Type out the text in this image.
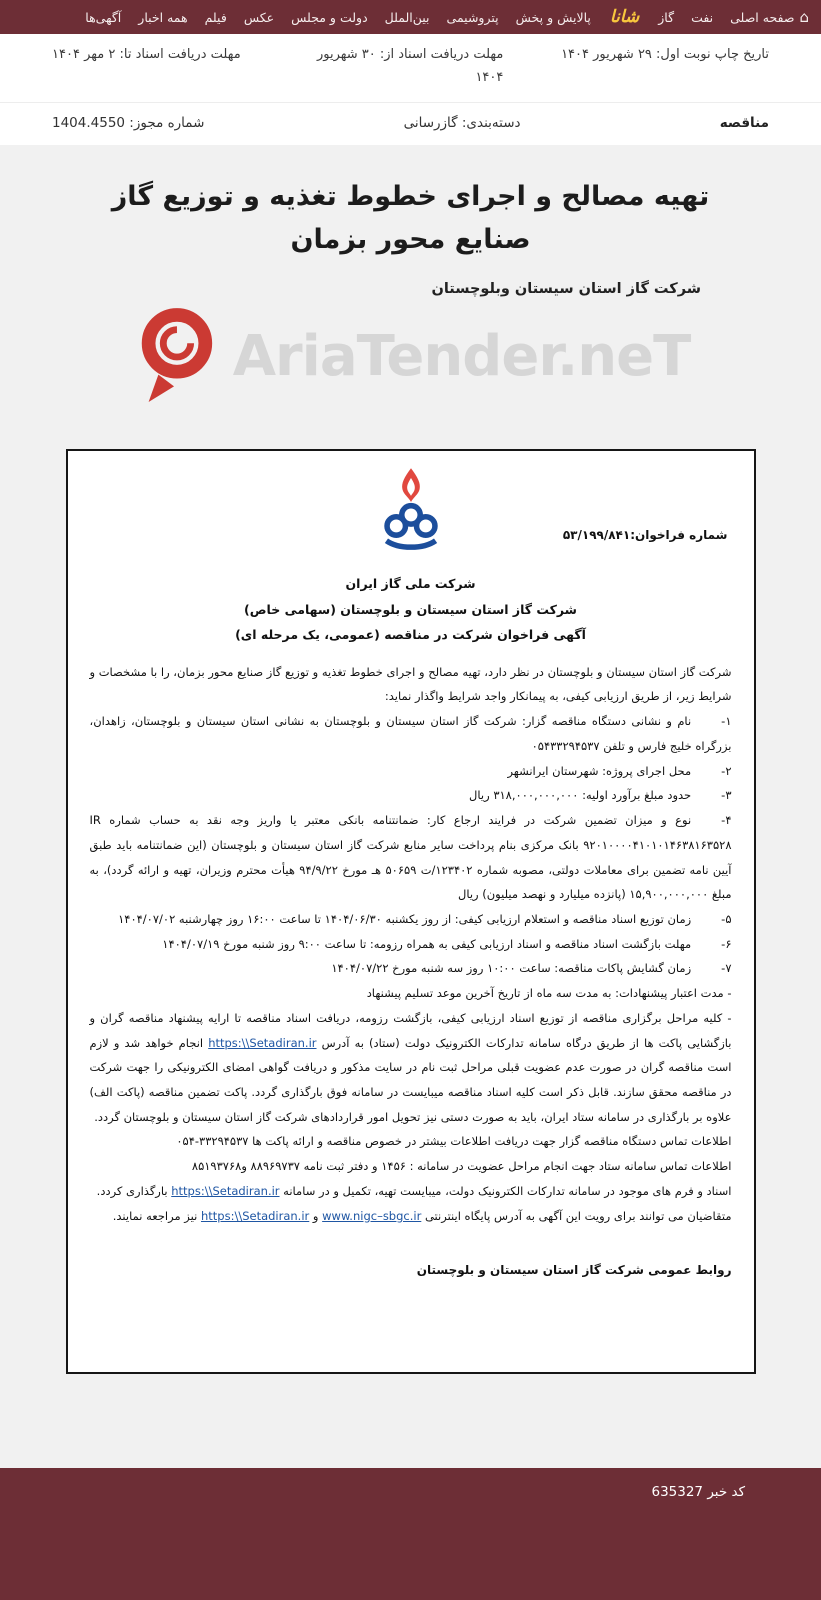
⌂
صفحه اصلی
نفت
گاز
شانا
پالایش و پخش
پتروشیمی
بین‌الملل
دولت و مجلس
عکس
فیلم
همه اخبار
آگهی‌ها
تاریخ چاپ نوبت اول: ۲۹ شهریور ۱۴۰۴
مهلت دریافت اسناد از: ۳۰ شهریور ۱۴۰۴
مهلت دریافت اسناد تا: ۲ مهر ۱۴۰۴
مناقصه
دسته‌بندی: گازرسانی
شماره مجوز: 1404.4550
تهیه مصالح و اجرای خطوط تغذیه و توزیع گاز صنایع محور بزمان
شرکت گاز استان سیستان وبلوچستان
AriaTender.neT
شماره فراخوان:۵۳/۱۹۹/۸۴۱
شرکت ملی گاز ایران
شرکت گاز استان سیستان و بلوچستان (سهامی خاص)
آگهی فراخوان شرکت در مناقصه (عمومی، یک مرحله ای)

شرکت گاز استان سیستان و بلوچستان در نظر دارد، تهیه مصالح و اجرای خطوط تغذیه و توزیع گاز صنایع محور بزمان، را با مشخصات و شرایط زیر، از طریق ارزیابی کیفی، به پیمانکار واجد شرایط واگذار نماید:

۱-نام و نشانی دستگاه مناقصه گزار: شرکت گاز استان سیستان و بلوچستان به نشانی استان سیستان و بلوچستان، زاهدان، بزرگراه خلیج فارس و تلفن ۰۵۴۳۳۲۹۴۵۳۷

۲-محل اجرای پروژه: شهرستان ایرانشهر

۳-حدود مبلغ برآورد اولیه: ۳۱۸,۰۰۰,۰۰۰,۰۰۰ ریال

۴-نوع و میزان تضمین شرکت در فرایند ارجاع کار: ضمانتنامه بانکی معتبر یا واریز وجه نقد به حساب شماره IR ۹۲۰۱۰۰۰۰۴۱۰۱۰۱۴۶۳۸۱۶۳۵۲۸ بانک مرکزی بنام پرداخت سایر منابع شرکت گاز استان سیستان و بلوچستان (این ضمانتنامه باید طبق آیین نامه تضمین برای معاملات دولتی، مصوبه شماره ۱۲۳۴۰۲/ت ۵۰۶۵۹ هـ مورخ ۹۴/۹/۲۲ هیأت محترم وزیران، تهیه و ارائه گردد)، به مبلغ ۱۵,۹۰۰,۰۰۰,۰۰۰ (پانزده میلیارد و نهصد میلیون) ریال

۵-زمان توزیع اسناد مناقصه و استعلام ارزیابی کیفی: از روز یکشنبه ۱۴۰۴/۰۶/۳۰ تا ساعت ۱۶:۰۰ روز چهارشنبه ۱۴۰۴/۰۷/۰۲

۶-مهلت بازگشت اسناد مناقصه و اسناد ارزیابی کیفی به همراه رزومه: تا ساعت ۹:۰۰ روز شنبه مورخ ۱۴۰۴/۰۷/۱۹

۷-زمان گشایش پاکات مناقصه: ساعت ۱۰:۰۰ روز سه شنبه مورخ ۱۴۰۴/۰۷/۲۲

- مدت اعتبار پیشنهادات: به مدت سه ماه از تاریخ آخرین موعد تسلیم پیشنهاد

- کلیه مراحل برگزاری مناقصه از توزیع اسناد ارزیابی کیفی، بازگشت رزومه، دریافت اسناد مناقصه تا ارایه پیشنهاد مناقصه گران و بازگشایی پاکت ها از طریق درگاه سامانه تدارکات الکترونیک دولت (ستاد) به آدرس https:\\Setadiran.ir انجام خواهد شد و لازم است مناقصه گران در صورت عدم عضویت قبلی مراحل ثبت نام در سایت مذکور و دریافت گواهی امضای الکترونیکی را جهت شرکت در مناقصه محقق سازند. قابل ذکر است کلیه اسناد مناقصه میبایست در سامانه فوق بارگذاری گردد. پاکت تضمین مناقصه (پاکت الف) علاوه بر بارگذاری در سامانه ستاد ایران، باید به صورت دستی نیز تحویل امور قراردادهای شرکت گاز استان سیستان و بلوچستان گردد.

اطلاعات تماس دستگاه مناقصه گزار جهت دریافت اطلاعات بیشتر در خصوص مناقصه و ارائه پاکت ها ۳۳۲۹۴۵۳۷-۰۵۴

اطلاعات تماس سامانه ستاد جهت انجام مراحل عضویت در سامانه : ۱۴۵۶ و دفتر ثبت نامه ۸۸۹۶۹۷۳۷ و۸۵۱۹۳۷۶۸

اسناد و فرم های موجود در سامانه تدارکات الکترونیک دولت، میبایست تهیه، تکمیل و در سامانه https:\\Setadiran.ir بارگذاری کردد.

متقاضیان می توانند برای رویت این آگهی به آدرس پایگاه اینترنتی www.nigc–sbgc.ir و https:\\Setadiran.ir نیز مراجعه نمایند.

روابط عمومی شرکت گاز استان سیستان و بلوچستان

کد خبر 635327
